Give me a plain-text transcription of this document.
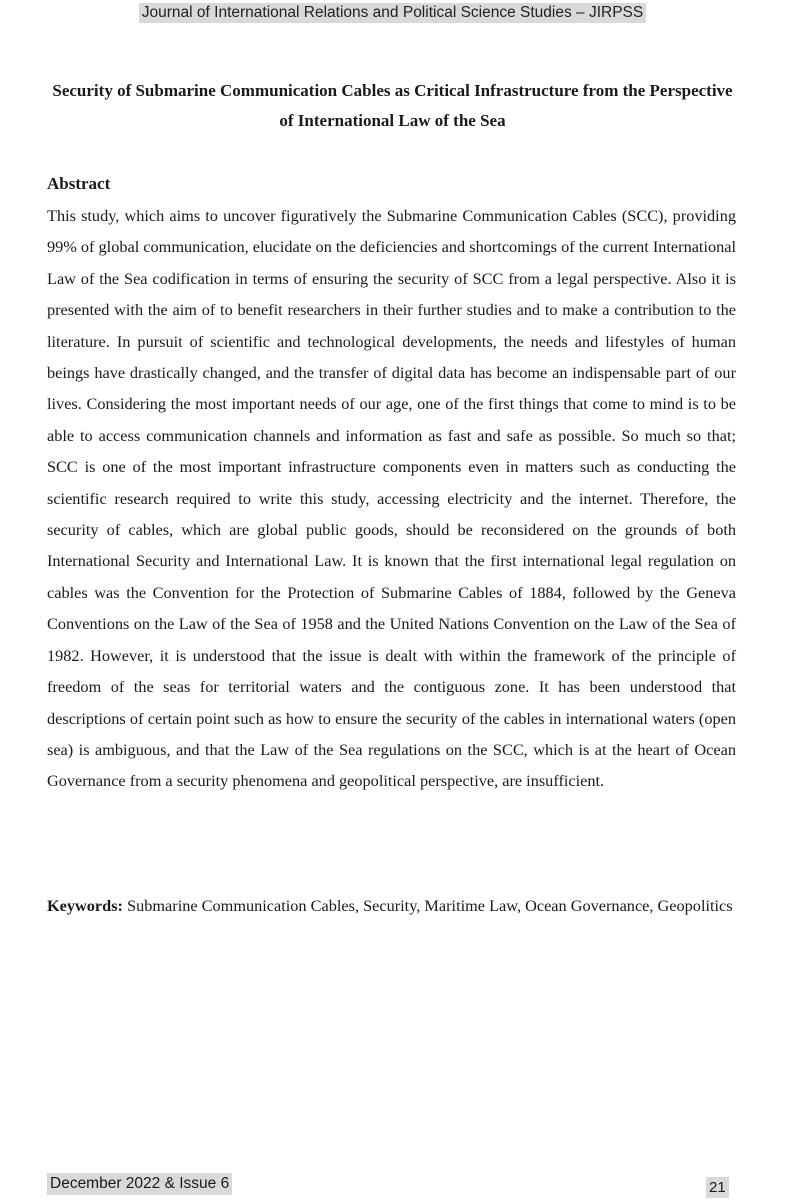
Journal of International Relations and Political Science Studies – JIRPSS
Security of Submarine Communication Cables as Critical Infrastructure from the Perspective of International Law of the Sea
Abstract

This study, which aims to uncover figuratively the Submarine Communication Cables (SCC), providing 99% of global communication, elucidate on the deficiencies and shortcomings of the current International Law of the Sea codification in terms of ensuring the security of SCC from a legal perspective. Also it is presented with the aim of to benefit researchers in their further studies and to make a contribution to the literature. In pursuit of scientific and technological developments, the needs and lifestyles of human beings have drastically changed, and the transfer of digital data has become an indispensable part of our lives. Considering the most important needs of our age, one of the first things that come to mind is to be able to access communication channels and information as fast and safe as possible. So much so that; SCC is one of the most important infrastructure components even in matters such as conducting the scientific research required to write this study, accessing electricity and the internet. Therefore, the security of cables, which are global public goods, should be reconsidered on the grounds of both International Security and International Law. It is known that the first international legal regulation on cables was the Convention for the Protection of Submarine Cables of 1884, followed by the Geneva Conventions on the Law of the Sea of 1958 and the United Nations Convention on the Law of the Sea of 1982. However, it is understood that the issue is dealt with within the framework of the principle of freedom of the seas for territorial waters and the contiguous zone. It has been understood that descriptions of certain point such as how to ensure the security of the cables in international waters (open sea) is ambiguous, and that the Law of the Sea regulations on the SCC, which is at the heart of Ocean Governance from a security phenomena and geopolitical perspective, are insufficient.

Keywords: Submarine Communication Cables, Security, Maritime Law, Ocean Governance, Geopolitics

December 2022 & Issue 6	21
